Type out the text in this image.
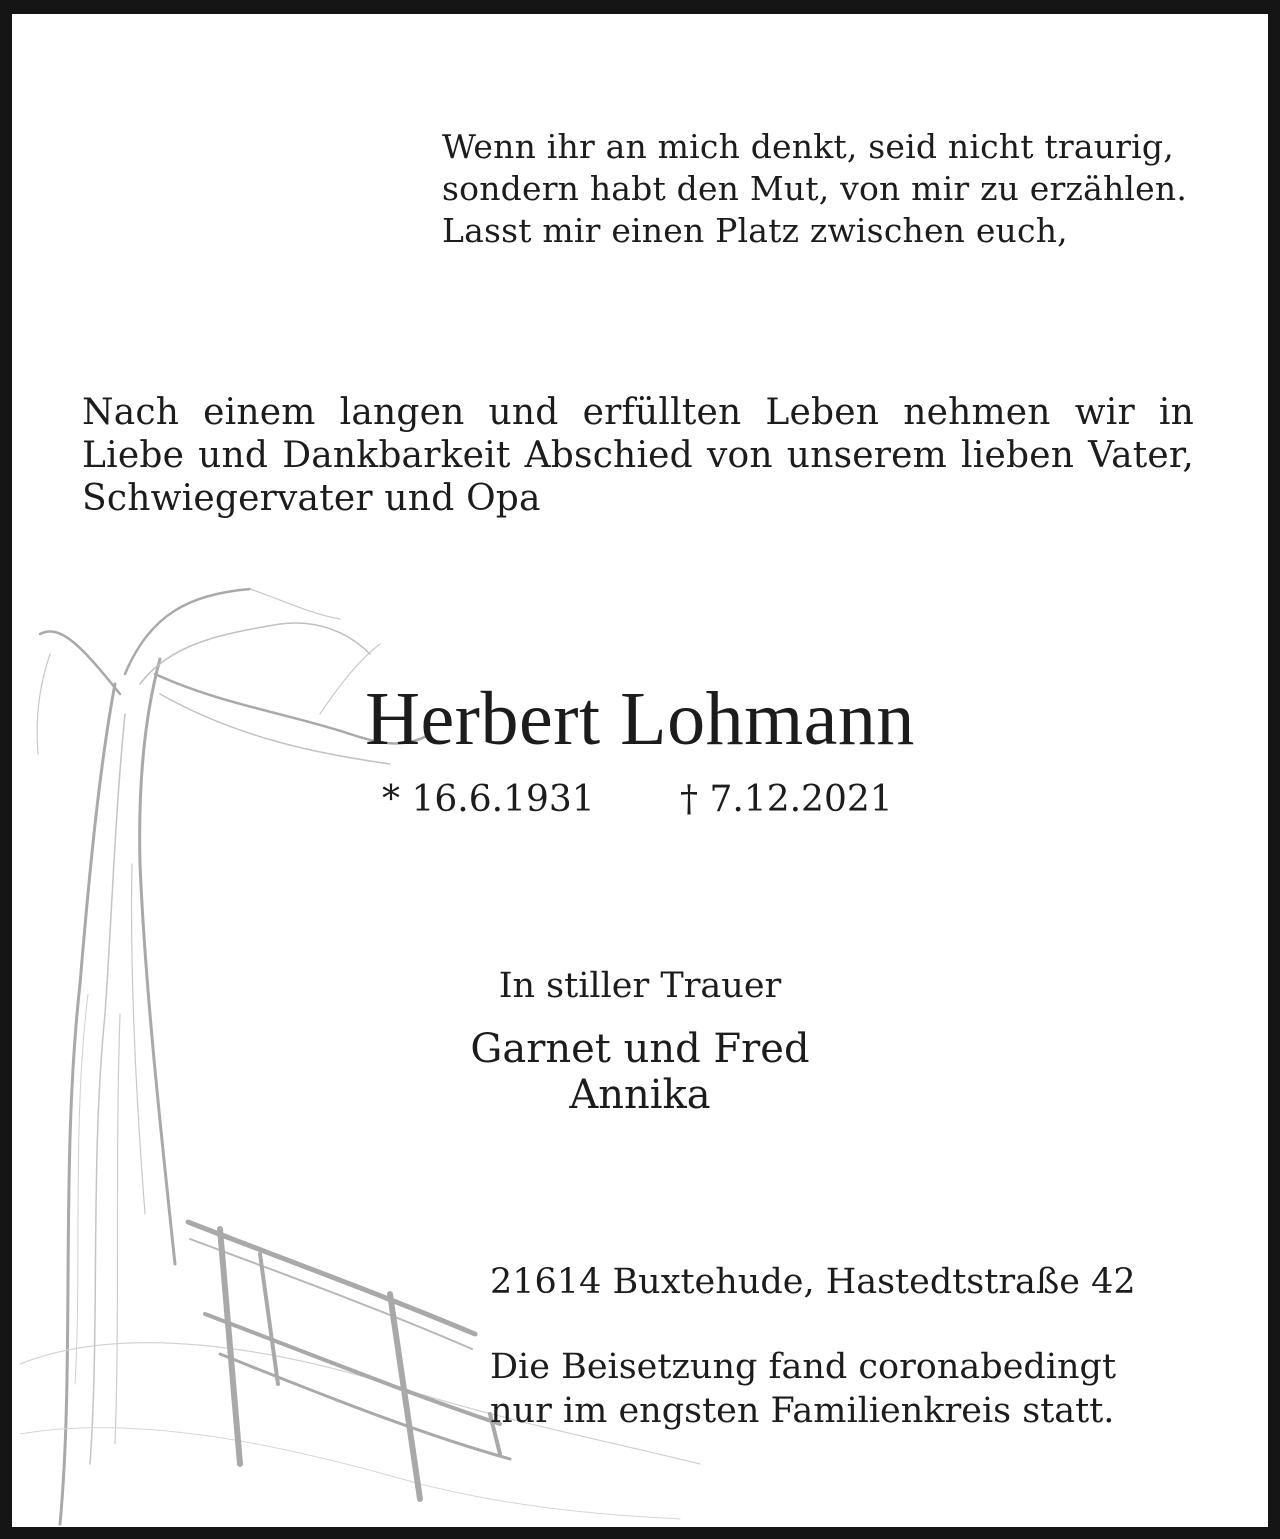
Wenn ihr an mich denkt, seid nicht traurig,
sondern habt den Mut, von mir zu erzählen.
Lasst mir einen Platz zwischen euch,
Nach einem langen und erfüllten Leben nehmen wir in Liebe und Dankbarkeit Abschied von unserem lieben Vater, Schwiegervater und Opa
Herbert Lohmann
* 16.6.1931 † 7.12.2021
In stiller Trauer
Garnet und Fred
Annika
21614 Buxtehude, Hastedtstraße 42
Die Beisetzung fand coronabedingt
nur im engsten Familienkreis statt.
